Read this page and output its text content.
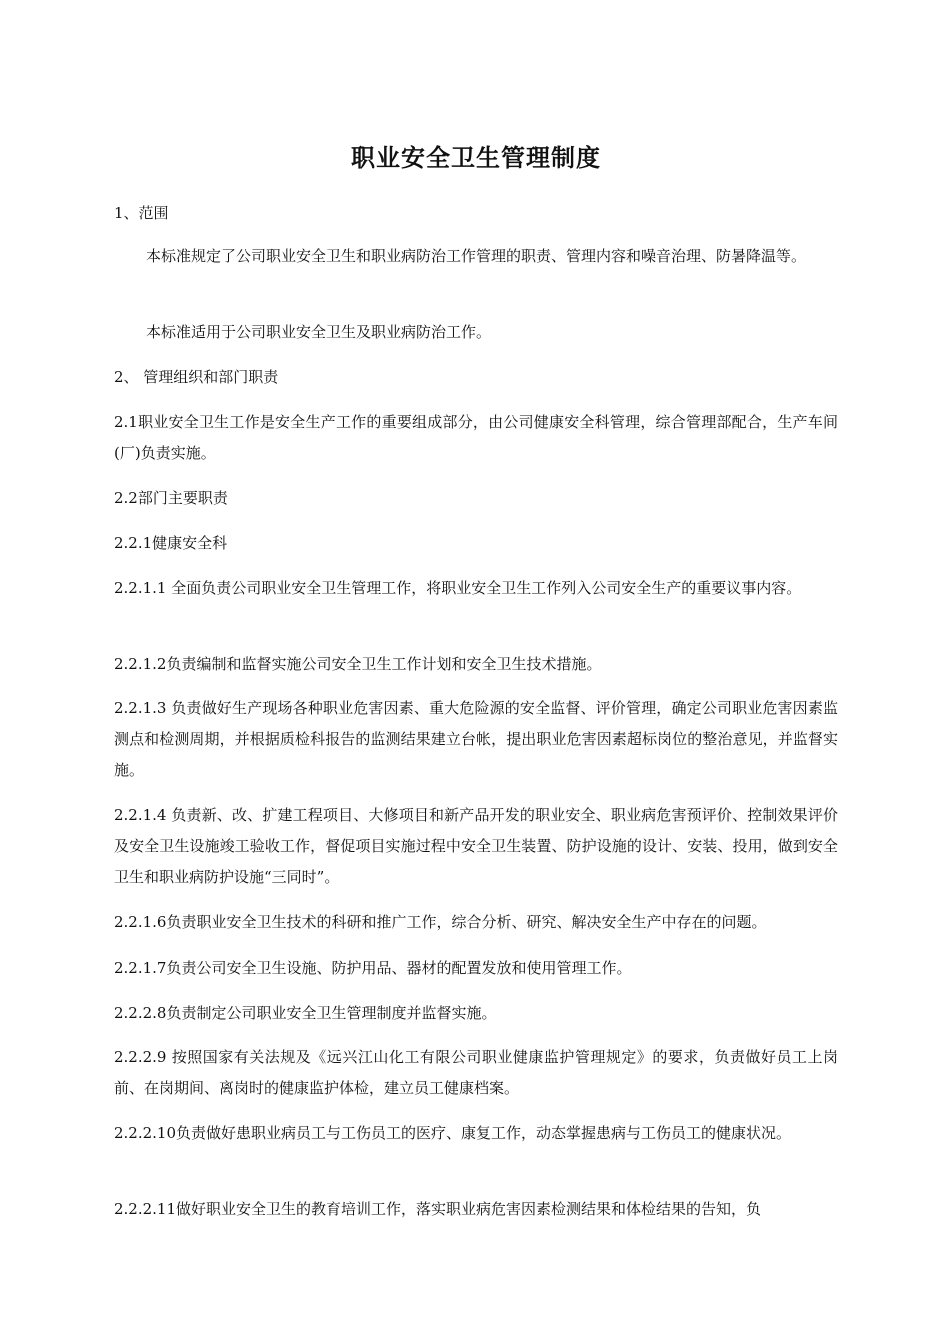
职业安全卫生管理制度

1、范围

本标准规定了公司职业安全卫生和职业病防治工作管理的职责、管理内容和噪音治理、防暑降温等。

本标准适用于公司职业安全卫生及职业病防治工作。

2、 管理组织和部门职责

2.1职业安全卫生工作是安全生产工作的重要组成部分，由公司健康安全科管理，综合管理部配合，生产车间(厂)负责实施。

2.2部门主要职责

2.2.1健康安全科

2.2.1.1 全面负责公司职业安全卫生管理工作，将职业安全卫生工作列入公司安全生产的重要议事内容。

2.2.1.2负责编制和监督实施公司安全卫生工作计划和安全卫生技术措施。

2.2.1.3 负责做好生产现场各种职业危害因素、重大危险源的安全监督、评价管理，确定公司职业危害因素监测点和检测周期，并根据质检科报告的监测结果建立台帐，提出职业危害因素超标岗位的整治意见，并监督实施。

2.2.1.4 负责新、改、扩建工程项目、大修项目和新产品开发的职业安全、职业病危害预评价、控制效果评价及安全卫生设施竣工验收工作，督促项目实施过程中安全卫生装置、防护设施的设计、安装、投用，做到安全卫生和职业病防护设施“三同时”。

2.2.1.6负责职业安全卫生技术的科研和推广工作，综合分析、研究、解决安全生产中存在的问题。

2.2.1.7负责公司安全卫生设施、防护用品、器材的配置发放和使用管理工作。

2.2.2.8负责制定公司职业安全卫生管理制度并监督实施。

2.2.2.9 按照国家有关法规及《远兴江山化工有限公司职业健康监护管理规定》的要求，负责做好员工上岗前、在岗期间、离岗时的健康监护体检，建立员工健康档案。

2.2.2.10负责做好患职业病员工与工伤员工的医疗、康复工作，动态掌握患病与工伤员工的健康状况。

2.2.2.11做好职业安全卫生的教育培训工作，落实职业病危害因素检测结果和体检结果的告知，负
